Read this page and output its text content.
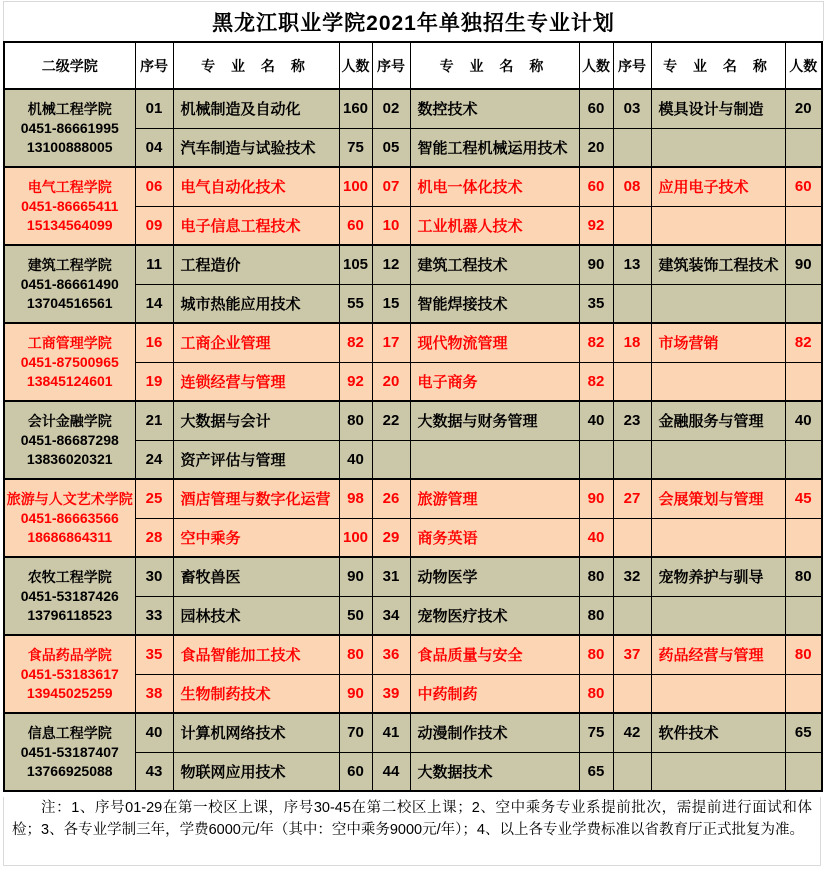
黑龙江职业学院2021年单独招生专业计划
二级学院	序号	专 业 名 称	人数	序号	专 业 名 称	人数	序号	专 业 名 称	人数

机械工程学院
0451-86661995
13100888005	01	机械制造及自动化	160	02	数控技术	60	03	模具设计与制造	20
	04	汽车制造与试验技术	75	05	智能工程机械运用技术	20			

电气工程学院
0451-86665411
15134564099	06	电气自动化技术	100	07	机电一体化技术	60	08	应用电子技术	60
	09	电子信息工程技术	60	10	工业机器人技术	92			

建筑工程学院
0451-86661490
13704516561	11	工程造价	105	12	建筑工程技术	90	13	建筑装饰工程技术	90
	14	城市热能应用技术	55	15	智能焊接技术	35			

工商管理学院
0451-87500965
13845124601	16	工商企业管理	82	17	现代物流管理	82	18	市场营销	82
	19	连锁经营与管理	92	20	电子商务	82			

会计金融学院
0451-86687298
13836020321	21	大数据与会计	80	22	大数据与财务管理	40	23	金融服务与管理	40
	24	资产评估与管理	40						

旅游与人文艺术学院
0451-86663566
18686864311	25	酒店管理与数字化运营	98	26	旅游管理	90	27	会展策划与管理	45
	28	空中乘务	100	29	商务英语	40			

农牧工程学院
0451-53187426
13796118523	30	畜牧兽医	90	31	动物医学	80	32	宠物养护与驯导	80
	33	园林技术	50	34	宠物医疗技术	80			

食品药品学院
0451-53183617
13945025259	35	食品智能加工技术	80	36	食品质量与安全	80	37	药品经营与管理	80
	38	生物制药技术	90	39	中药制药	80			

信息工程学院
0451-53187407
13766925088	40	计算机网络技术	70	41	动漫制作技术	75	42	软件技术	65
	43	物联网应用技术	60	44	大数据技术	65			

注：1、序号01-29在第一校区上课，序号30-45在第二校区上课；2、空中乘务专业系提前批次，需提前进行面试和体检；3、各专业学制三年，学费6000元/年（其中：空中乘务9000元/年）；4、以上各专业学费标准以省教育厅正式批复为准。
